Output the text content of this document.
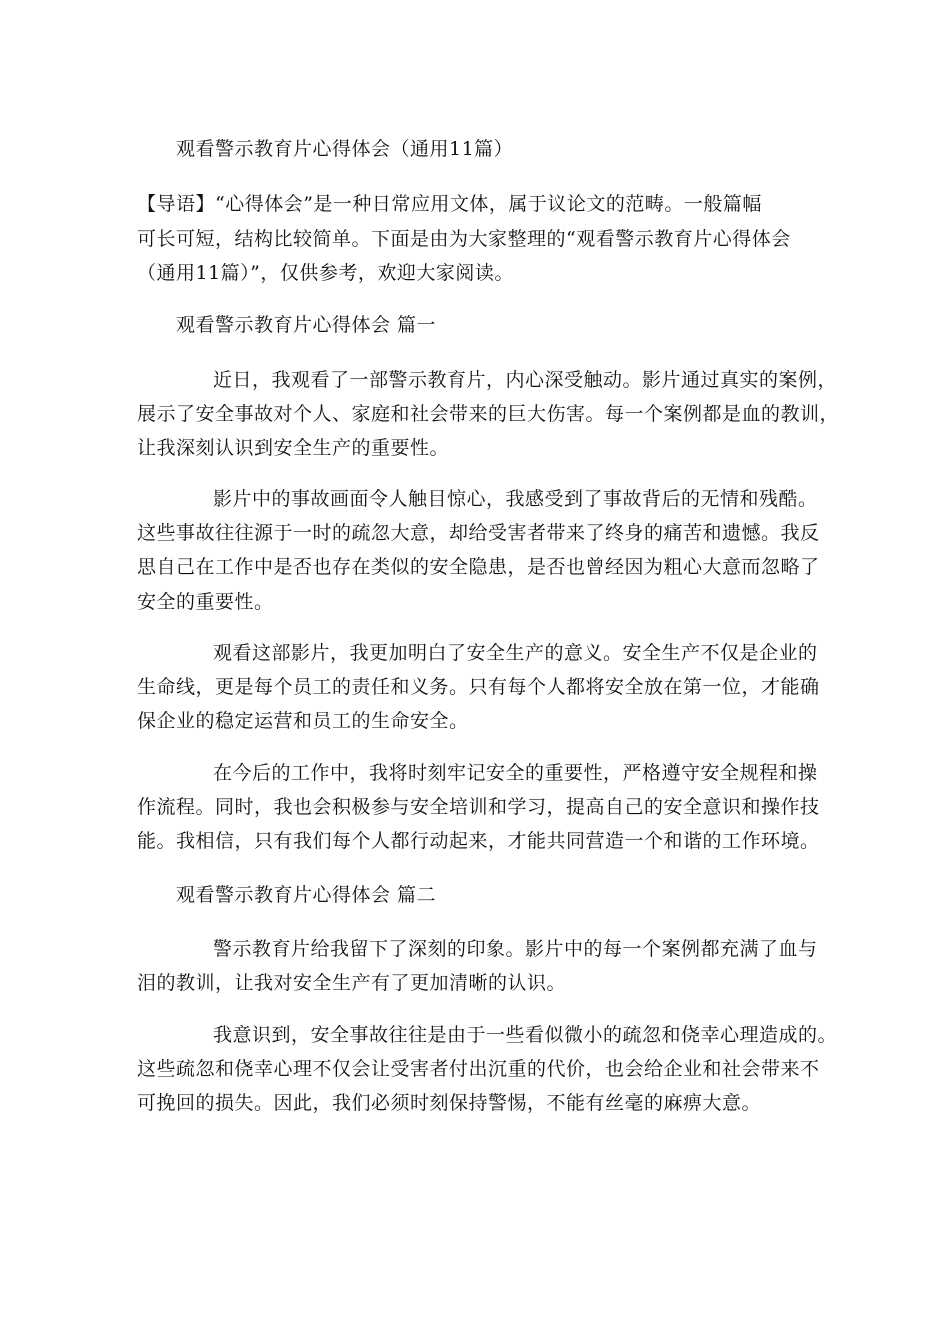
观看警示教育片心得体会（通用11篇）
【导语】“心得体会”是一种日常应用文体，属于议论文的范畴。一般篇幅
可长可短，结构比较简单。下面是由为大家整理的“观看警示教育片心得体会
（通用11篇）”，仅供参考，欢迎大家阅读。
观看警示教育片心得体会 篇一
近日，我观看了一部警示教育片，内心深受触动。影片通过真实的案例，
展示了安全事故对个人、家庭和社会带来的巨大伤害。每一个案例都是血的教训，
让我深刻认识到安全生产的重要性。
影片中的事故画面令人触目惊心，我感受到了事故背后的无情和残酷。
这些事故往往源于一时的疏忽大意，却给受害者带来了终身的痛苦和遗憾。我反
思自己在工作中是否也存在类似的安全隐患，是否也曾经因为粗心大意而忽略了
安全的重要性。
观看这部影片，我更加明白了安全生产的意义。安全生产不仅是企业的
生命线，更是每个员工的责任和义务。只有每个人都将安全放在第一位，才能确
保企业的稳定运营和员工的生命安全。
在今后的工作中，我将时刻牢记安全的重要性，严格遵守安全规程和操
作流程。同时，我也会积极参与安全培训和学习，提高自己的安全意识和操作技
能。我相信，只有我们每个人都行动起来，才能共同营造一个和谐的工作环境。
观看警示教育片心得体会 篇二
警示教育片给我留下了深刻的印象。影片中的每一个案例都充满了血与
泪的教训，让我对安全生产有了更加清晰的认识。
我意识到，安全事故往往是由于一些看似微小的疏忽和侥幸心理造成的。
这些疏忽和侥幸心理不仅会让受害者付出沉重的代价，也会给企业和社会带来不
可挽回的损失。因此，我们必须时刻保持警惕，不能有丝毫的麻痹大意。
